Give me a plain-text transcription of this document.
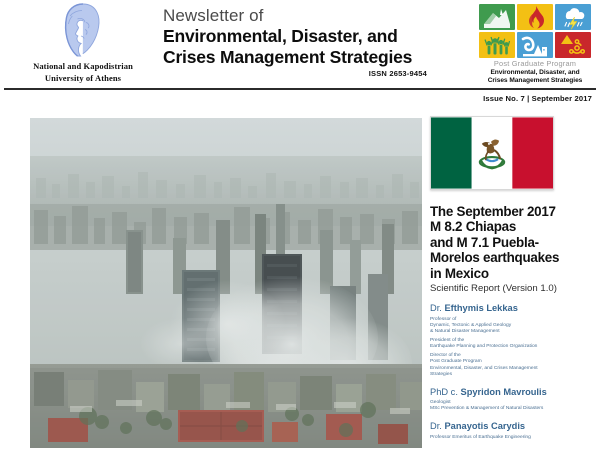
National and Kapodistrian
University of Athens
Newsletter of
Environmental, Disaster, and
Crises Management Strategies
ISSN 2653-9454
Post Graduate Program
Environmental, Disaster, and
Crises Management Strategies
Issue No. 7 | September 2017
The September 2017
M 8.2 Chiapas
and M 7.1 Puebla-
Morelos earthquakes
in Mexico
Scientific Report (Version 1.0)
Dr. Efthymis Lekkas

Professor of
Dynamic, Tectonic & Applied Geology
& Natural Disaster Management

President of the
Earthquake Planning and Protection Organization

Director of the
Post Graduate Program
Environmental, Disaster, and Crises Management
Strategies

PhD c. Spyridon Mavroulis

Geologist
MSc Prevention & Management of Natural Disasters

Dr. Panayotis Carydis

Professor Emeritus of Earthquake Engineering
